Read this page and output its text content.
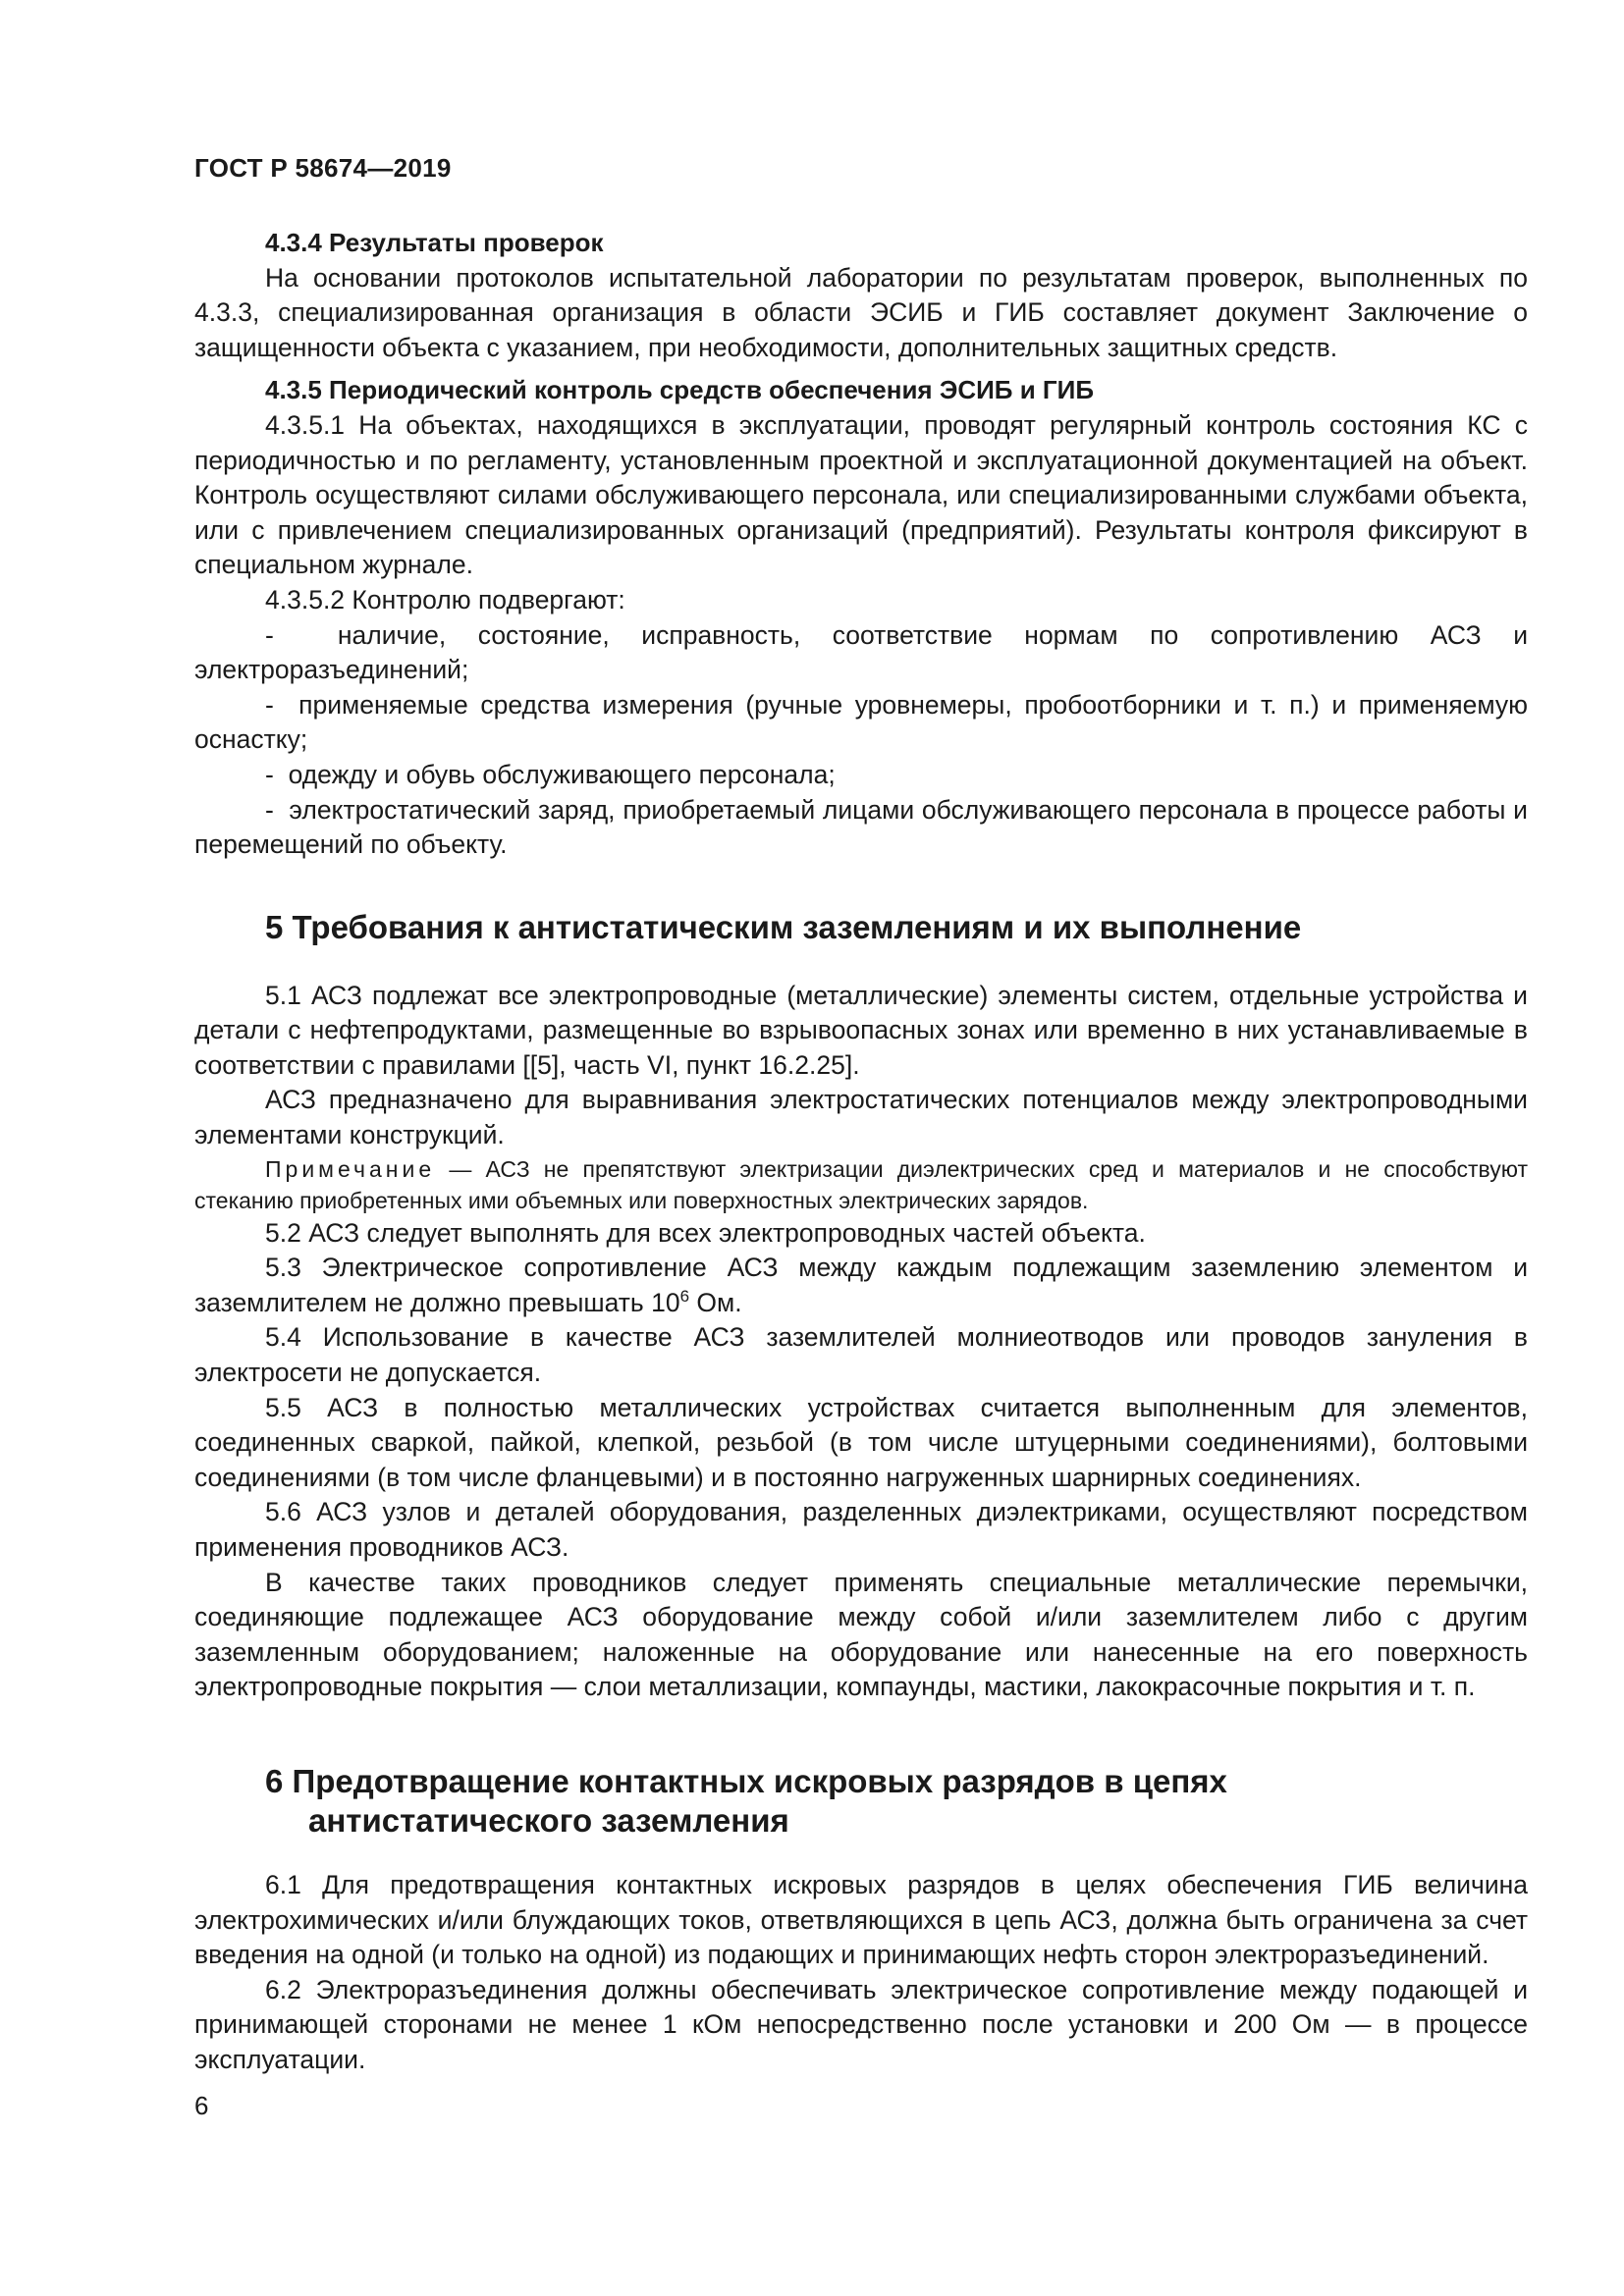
ГОСТ Р 58674—2019
4.3.4 Результаты проверок

На основании протоколов испытательной лаборатории по результатам проверок, выполненных по 4.3.3, специализированная организация в области ЭСИБ и ГИБ составляет документ Заключение о защищенности объекта с указанием, при необходимости, дополнительных защитных средств.

4.3.5 Периодический контроль средств обеспечения ЭСИБ и ГИБ

4.3.5.1 На объектах, находящихся в эксплуатации, проводят регулярный контроль состояния КС с периодичностью и по регламенту, установленным проектной и эксплуатационной документацией на объект. Контроль осуществляют силами обслуживающего персонала, или специализированными службами объекта, или с привлечением специализированных организаций (предприятий). Результаты контроля фиксируют в специальном журнале.

4.3.5.2 Контролю подвергают:

-  наличие, состояние, исправность, соответствие нормам по сопротивлению АСЗ и электроразъединений;
-  применяемые средства измерения (ручные уровнемеры, пробоотборники и т. п.) и применяемую оснастку;
-  одежду и обувь обслуживающего персонала;
-  электростатический заряд, приобретаемый лицами обслуживающего персонала в процессе работы и перемещений по объекту.
5 Требования к антистатическим заземлениям и их выполнение

5.1 АСЗ подлежат все электропроводные (металлические) элементы систем, отдельные устройства и детали с нефтепродуктами, размещенные во взрывоопасных зонах или временно в них устанавливаемые в соответствии с правилами [[5], часть VI, пункт 16.2.25].

АСЗ предназначено для выравнивания электростатических потенциалов между электропроводными элементами конструкций.

Примечание — АСЗ не препятствуют электризации диэлектрических сред и материалов и не способствуют стеканию приобретенных ими объемных или поверхностных электрических зарядов.

5.2 АСЗ следует выполнять для всех электропроводных частей объекта.

5.3 Электрическое сопротивление АСЗ между каждым подлежащим заземлению элементом и заземлителем не должно превышать $10^6$ Ом.

5.4 Использование в качестве АСЗ заземлителей молниеотводов или проводов зануления в электросети не допускается.

5.5 АСЗ в полностью металлических устройствах считается выполненным для элементов, соединенных сваркой, пайкой, клепкой, резьбой (в том числе штуцерными соединениями), болтовыми соединениями (в том числе фланцевыми) и в постоянно нагруженных шарнирных соединениях.

5.6 АСЗ узлов и деталей оборудования, разделенных диэлектриками, осуществляют посредством применения проводников АСЗ.

В качестве таких проводников следует применять специальные металлические перемычки, соединяющие подлежащее АСЗ оборудование между собой и/или заземлителем либо с другим заземленным оборудованием; наложенные на оборудование или нанесенные на его поверхность электропроводные покрытия — слои металлизации, компаунды, мастики, лакокрасочные покрытия и т. п.

6 Предотвращение контактных искровых разрядов в цепях
антистатического заземления

6.1 Для предотвращения контактных искровых разрядов в целях обеспечения ГИБ величина электрохимических и/или блуждающих токов, ответвляющихся в цепь АСЗ, должна быть ограничена за счет введения на одной (и только на одной) из подающих и принимающих нефть сторон электроразъединений.

6.2 Электроразъединения должны обеспечивать электрическое сопротивление между подающей и принимающей сторонами не менее 1 кОм непосредственно после установки и 200 Ом — в процессе эксплуатации.

6
